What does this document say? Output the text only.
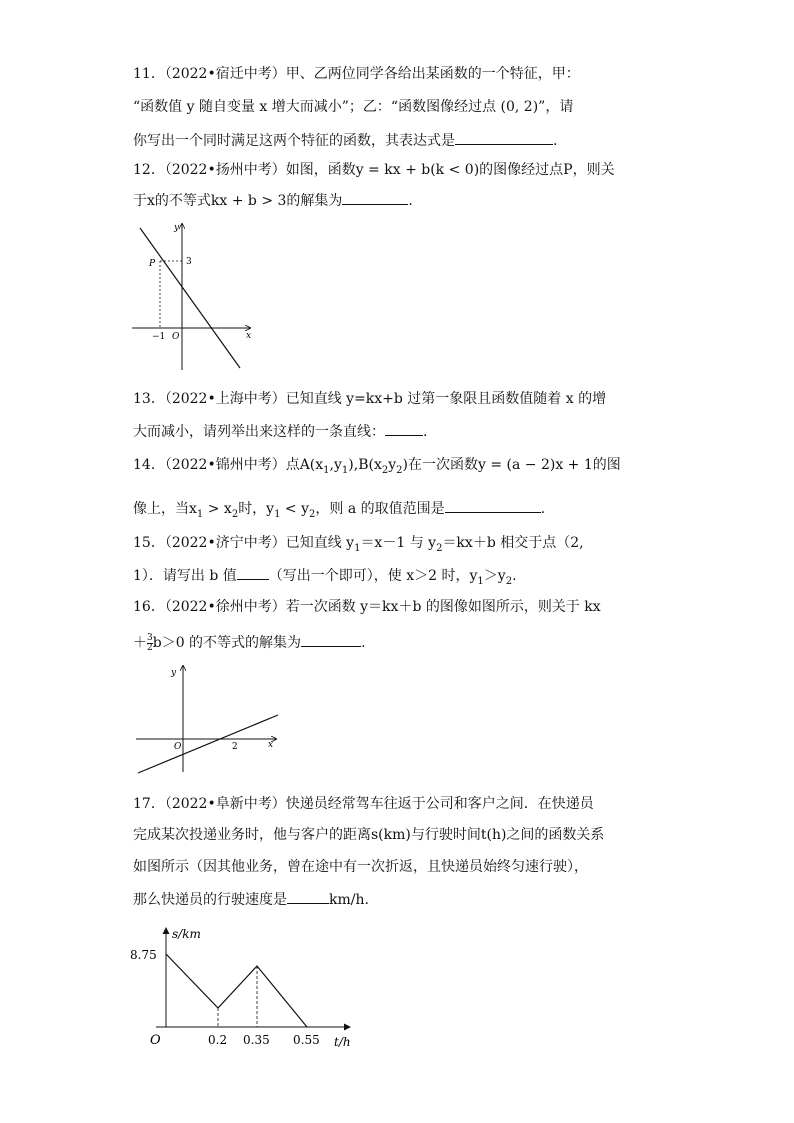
11．（2022•宿迁中考）甲、乙两位同学各给出某函数的一个特征，甲：
“函数值 y 随自变量 x 增大而减小”；乙：“函数图像经过点 (0, 2)”，请
你写出一个同时满足这两个特征的函数，其表达式是	.
12．（2022•扬州中考）如图，函数y = kx + b(k < 0)的图像经过点P，则关
于x的不等式kx + b > 3的解集为	.
y
x
O
P	3
−1
13．（2022•上海中考）已知直线 y=kx+b 过第一象限且函数值随着 x 的增
大而减小，请列举出来这样的一条直线：	.
14．（2022•锦州中考）点$A(x_1,y_1),B(x_2y_2)$在一次函数y = (a − 2)x + 1的图
像上，当$x_1 > x_2$时，$y_1 < y_2$，则 a 的取值范围是	.
15．（2022•济宁中考）已知直线 $y_1=x-1$ 与 $y_2=kx+b$ 相交于点（2,
1）．请写出 b 值 （写出一个即可），使 x＞2 时，$y_1>y_2$.
16．（2022•徐州中考）若一次函数 y＝kx＋b 的图像如图所示，则关于 kx
＋ $\frac{3}{2} b>0$ 的不等式的解集为	.
y
x
O	2
17．（2022•阜新中考）快递员经常驾车往返于公司和客户之间．在快递员
完成某次投递业务时，他与客户的距离s(km)与行驶时间t(h)之间的函数关系
如图所示（因其他业务，曾在途中有一次折返，且快递员始终匀速行驶），
那么快递员的行驶速度是	km/h.
s/km
8.75
O	0.2 0.35 0.55 t/h
